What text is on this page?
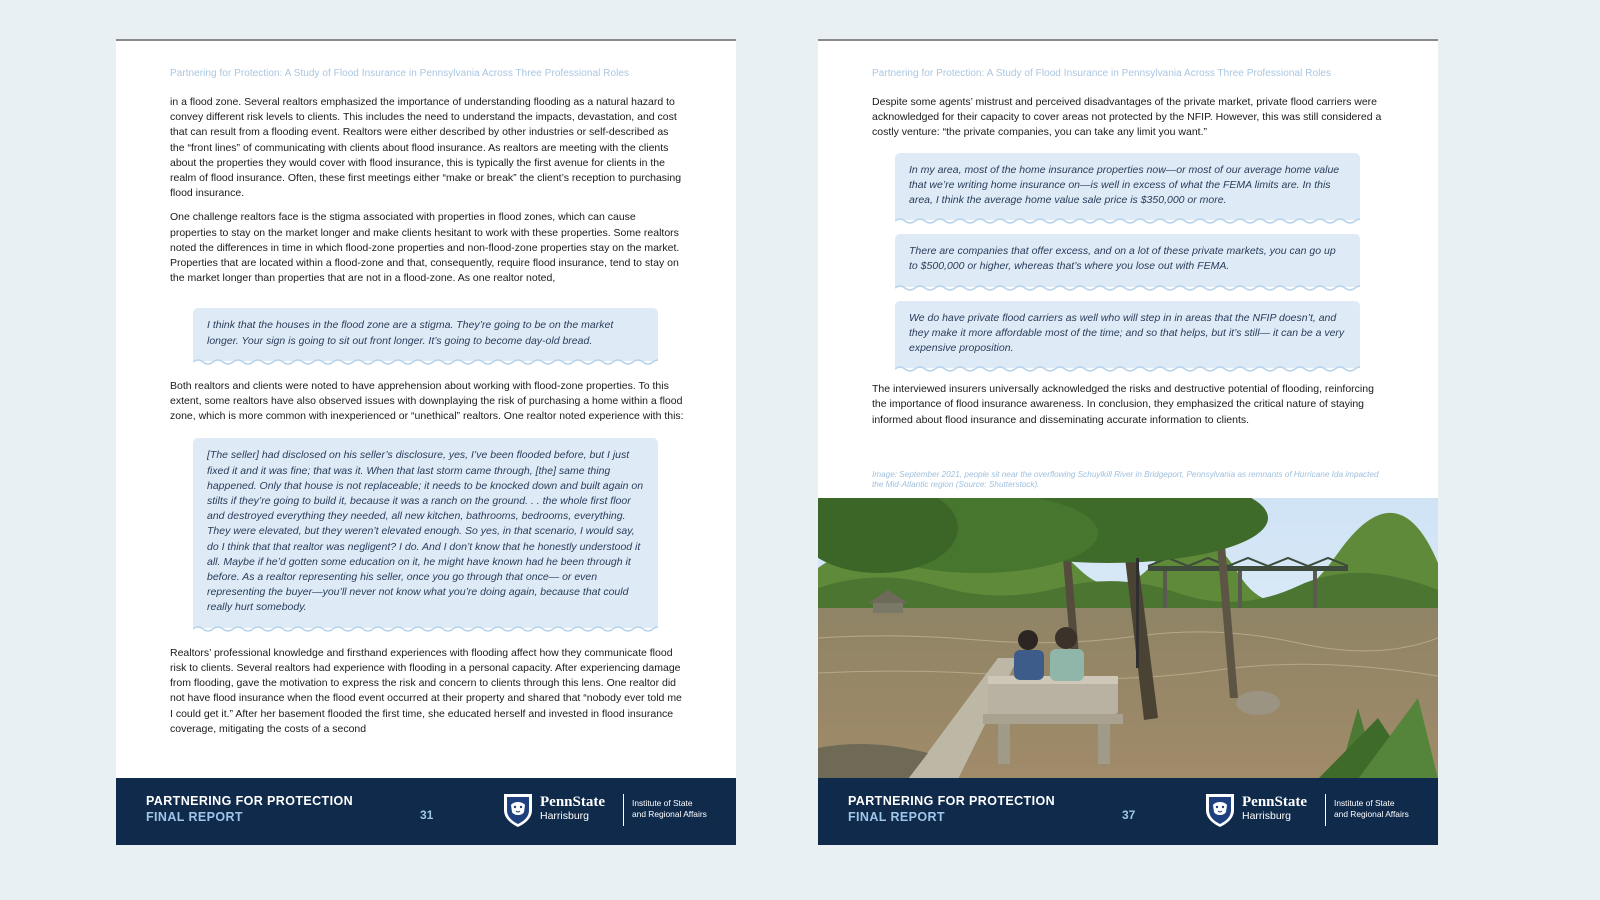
Partnering for Protection: A Study of Flood Insurance in Pennsylvania Across Three Professional Roles

in a flood zone. Several realtors emphasized the importance of understanding flooding as a natural hazard to convey different risk levels to clients. This includes the need to understand the impacts, devastation, and cost that can result from a flooding event. Realtors were either described by other industries or self-described as the “front lines” of communicating with clients about flood insurance. As realtors are meeting with the clients about the properties they would cover with flood insurance, this is typically the first avenue for clients in the realm of flood insurance. Often, these first meetings either “make or break” the client’s reception to purchasing flood insurance.

One challenge realtors face is the stigma associated with properties in flood zones, which can cause properties to stay on the market longer and make clients hesitant to work with these properties. Some realtors noted the differences in time in which flood-zone properties and non-flood-zone properties stay on the market. Properties that are located within a flood-zone and that, consequently, require flood insurance, tend to stay on the market longer than properties that are not in a flood-zone. As one realtor noted,

I think that the houses in the flood zone are a stigma. They’re going to be on the market longer. Your sign is going to sit out front longer. It’s going to become day-old bread.

Both realtors and clients were noted to have apprehension about working with flood-zone properties. To this extent, some realtors have also observed issues with downplaying the risk of purchasing a home within a flood zone, which is more common with inexperienced or “unethical” realtors. One realtor noted experience with this:

[The seller] had disclosed on his seller’s disclosure, yes, I’ve been flooded before, but I just fixed it and it was fine; that was it. When that last storm came through, [the] same thing happened. Only that house is not replaceable; it needs to be knocked down and built again on stilts if they’re going to build it, because it was a ranch on the ground. . . the whole first floor and destroyed everything they needed, all new kitchen, bathrooms, bedrooms, everything. They were elevated, but they weren’t elevated enough. So yes, in that scenario, I would say, do I think that that realtor was negligent? I do. And I don’t know that he honestly understood it all. Maybe if he’d gotten some education on it, he might have known had he been through it before. As a realtor representing his seller, once you go through that once— or even representing the buyer—you’ll never not know what you’re doing again, because that could really hurt somebody.

Realtors’ professional knowledge and firsthand experiences with flooding affect how they communicate flood risk to clients. Several realtors had experience with flooding in a personal capacity. After experiencing damage from flooding, gave the motivation to express the risk and concern to clients through this lens. One realtor did not have flood insurance when the flood event occurred at their property and shared that “nobody ever told me I could get it.” After her basement flooded the first time, she educated herself and invested in flood insurance coverage, mitigating the costs of a second

PARTNERING FOR PROTECTION
FINAL REPORT	31
PennState
Harrisburg
Institute of State
and Regional Affairs
Partnering for Protection: A Study of Flood Insurance in Pennsylvania Across Three Professional Roles

Despite some agents’ mistrust and perceived disadvantages of the private market, private flood carriers were acknowledged for their capacity to cover areas not protected by the NFIP. However, this was still considered a costly venture: “the private companies, you can take any limit you want.”

In my area, most of the home insurance properties now—or most of our average home value that we’re writing home insurance on—is well in excess of what the FEMA limits are. In this area, I think the average home value sale price is $350,000 or more.
There are companies that offer excess, and on a lot of these private markets, you can go up to $500,000 or higher, whereas that’s where you lose out with FEMA.
We do have private flood carriers as well who will step in in areas that the NFIP doesn’t, and they make it more affordable most of the time; and so that helps, but it’s still— it can be a very expensive proposition.

The interviewed insurers universally acknowledged the risks and destructive potential of flooding, reinforcing the importance of flood insurance awareness. In conclusion, they emphasized the critical nature of staying informed about flood insurance and disseminating accurate information to clients.

Image: September 2021, people sit near the overflowing Schuylkill River in Bridgeport, Pennsylvania as remnants of Hurricane Ida impacted the Mid-Atlantic region (Source: Shutterstock).
PARTNERING FOR PROTECTION
FINAL REPORT	37
PennState
Harrisburg
Institute of State
and Regional Affairs
